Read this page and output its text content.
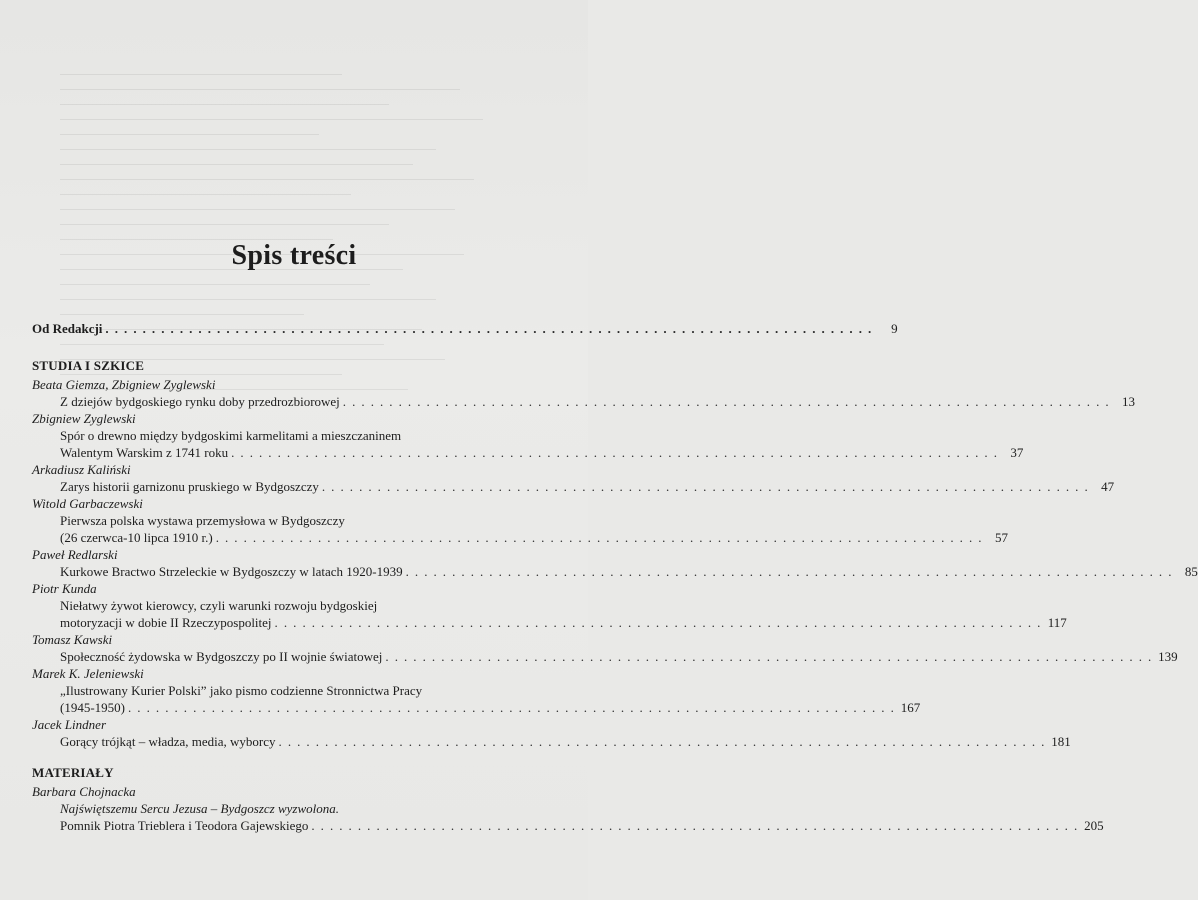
Spis treści
Od Redakcji . . . . . . . . . . . . . . . . . . . . . . . . . . . . . . . . . . . . . . . . . . . . . . . . . . . . . . . . . . . . . . . . . . . . . . . . . . . . . . . . . . .	9
STUDIA I SZKICE
Beata Giemza, Zbigniew Zyglewski
Z dziejów bydgoskiego rynku doby przedrozbiorowej . . . . . . . . . . . . . . . . . . . . . . . . . . . . . . . . . . . . . . . . . . . . . . . . . . . . . . . . . . . . . . . . . . . . . . . . . . . . . . . . . . . 13
Zbigniew Zyglewski
Spór o drewno między bydgoskimi karmelitami a mieszczaninem
Walentym Warskim z 1741 roku . . . . . . . . . . . . . . . . . . . . . . . . . . . . . . . . . . . . . . . . . . . . . . . . . . . . . . . . . . . . . . . . . . . . . . . . . . . . . . . . . . . 37
Arkadiusz Kaliński
Zarys historii garnizonu pruskiego w Bydgoszczy . . . . . . . . . . . . . . . . . . . . . . . . . . . . . . . . . . . . . . . . . . . . . . . . . . . . . . . . . . . . . . . . . . . . . . . . . . . . . . . . . . . 47
Witold Garbaczewski
Pierwsza polska wystawa przemysłowa w Bydgoszczy
(26 czerwca-10 lipca 1910 r.) . . . . . . . . . . . . . . . . . . . . . . . . . . . . . . . . . . . . . . . . . . . . . . . . . . . . . . . . . . . . . . . . . . . . . . . . . . . . . . . . . . . 57
Paweł Redlarski
Kurkowe Bractwo Strzeleckie w Bydgoszczy w latach 1920-1939 . . . . . . . . . . . . . . . . . . . . . . . . . . . . . . . . . . . . . . . . . . . . . . . . . . . . . . . . . . . . . . . . . . . . . . . . . . . . . . . . . . . 85
Piotr Kunda
Niełatwy żywot kierowcy, czyli warunki rozwoju bydgoskiej
motoryzacji w dobie II Rzeczypospolitej . . . . . . . . . . . . . . . . . . . . . . . . . . . . . . . . . . . . . . . . . . . . . . . . . . . . . . . . . . . . . . . . . . . . . . . . . . . . . . . . . . . 117
Tomasz Kawski
Społeczność żydowska w Bydgoszczy po II wojnie światowej . . . . . . . . . . . . . . . . . . . . . . . . . . . . . . . . . . . . . . . . . . . . . . . . . . . . . . . . . . . . . . . . . . . . . . . . . . . . . . . . . . . 139
Marek K. Jeleniewski
„Ilustrowany Kurier Polski” jako pismo codzienne Stronnictwa Pracy
(1945-1950) . . . . . . . . . . . . . . . . . . . . . . . . . . . . . . . . . . . . . . . . . . . . . . . . . . . . . . . . . . . . . . . . . . . . . . . . . . . . . . . . . . . 167
Jacek Lindner
Gorący trójkąt – władza, media, wyborcy . . . . . . . . . . . . . . . . . . . . . . . . . . . . . . . . . . . . . . . . . . . . . . . . . . . . . . . . . . . . . . . . . . . . . . . . . . . . . . . . . . . 181
MATERIAŁY
Barbara Chojnacka
Najświętszemu Sercu Jezusa – Bydgoszcz wyzwolona.
Pomnik Piotra Trieblera i Teodora Gajewskiego . . . . . . . . . . . . . . . . . . . . . . . . . . . . . . . . . . . . . . . . . . . . . . . . . . . . . . . . . . . . . . . . . . . . . . . . . . . . . . . . . . . 205
